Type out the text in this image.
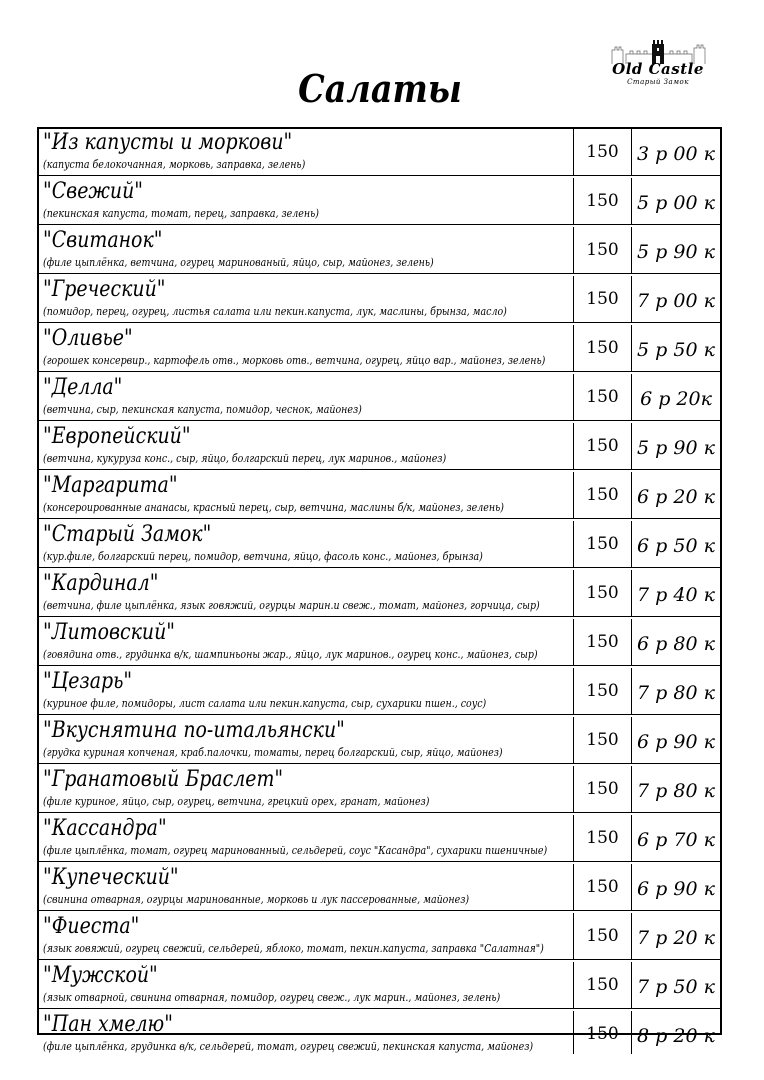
Old Castle
Старый Замок
Салаты
"Из капусты и моркови"
(капуста белокочанная, морковь, заправка, зелень)
150 3 р 00 к
"Свежий"
(пекинская капуста, томат, перец, заправка, зелень)
150 5 р 00 к
"Свитанок"
(филе цыплёнка, ветчина, огурец маринованый, яйцо, сыр, майонез, зелень)
150 5 р 90 к
"Греческий"
(помидор, перец, огурец, листья салата или пекин.капуста, лук, маслины, брынза, масло)
150 7 р 00 к
"Оливье"
(горошек консервир., картофель отв., морковь отв., ветчина, огурец, яйцо вар., майонез, зелень)
150 5 р 50 к
"Делла"
(ветчина, сыр, пекинская капуста, помидор, чеснок, майонез)
150	6 р 20к
"Европейский"
(ветчина, кукуруза конс., сыр, яйцо, болгарский перец, лук маринов., майонез)
150 5 р 90 к
"Маргарита"
(консероированные ананасы, красный перец, сыр, ветчина, маслины б/к, майонез, зелень)
150 6 р 20 к
"Старый Замок"
(кур.филе, болгарский перец, помидор, ветчина, яйцо, фасоль конс., майонез, брынза)
150 6 р 50 к
"Кардинал"
(ветчина, филе цыплёнка, язык говяжий, огурцы марин.и свеж., томат, майонез, горчица, сыр)
150 7 р 40 к
"Литовский"
(говядина отв., грудинка в/к, шампиньоны жар., яйцо, лук маринов., огурец конс., майонез, сыр)
150 6 р 80 к
"Цезарь"
(куриное филе, помидоры, лист салата или пекин.капуста, сыр, сухарики пшен., соус)
150 7 р 80 к
"Вкуснятина по-итальянски"
(грудка куриная копченая, краб.палочки, томаты, перец болгарский, сыр, яйцо, майонез)
150 6 р 90 к
"Гранатовый Браслет"
(филе куриное, яйцо, сыр, огурец, ветчина, грецкий орех, гранат, майонез)
150 7 р 80 к
"Кассандра"
(филе цыплёнка, томат, огурец маринованный, сельдерей, соус "Касандра", сухарики пшеничные)
150 6 р 70 к
"Купеческий"
(свинина отварная, огурцы маринованные, морковь и лук пассерованные, майонез)
150 6 р 90 к
"Фиеста"
(язык говяжий, огурец свежий, сельдерей, яблоко, томат, пекин.капуста, заправка "Салатная")
150 7 р 20 к
"Мужской"
(язык отварной, свинина отварная, помидор, огурец свеж., лук марин., майонез, зелень)
150 7 р 50 к
"Пан хмелю"
(филе цыплёнка, грудинка в/к, сельдерей, томат, огурец свежий, пекинская капуста, майонез)
150 8 р 20 к
